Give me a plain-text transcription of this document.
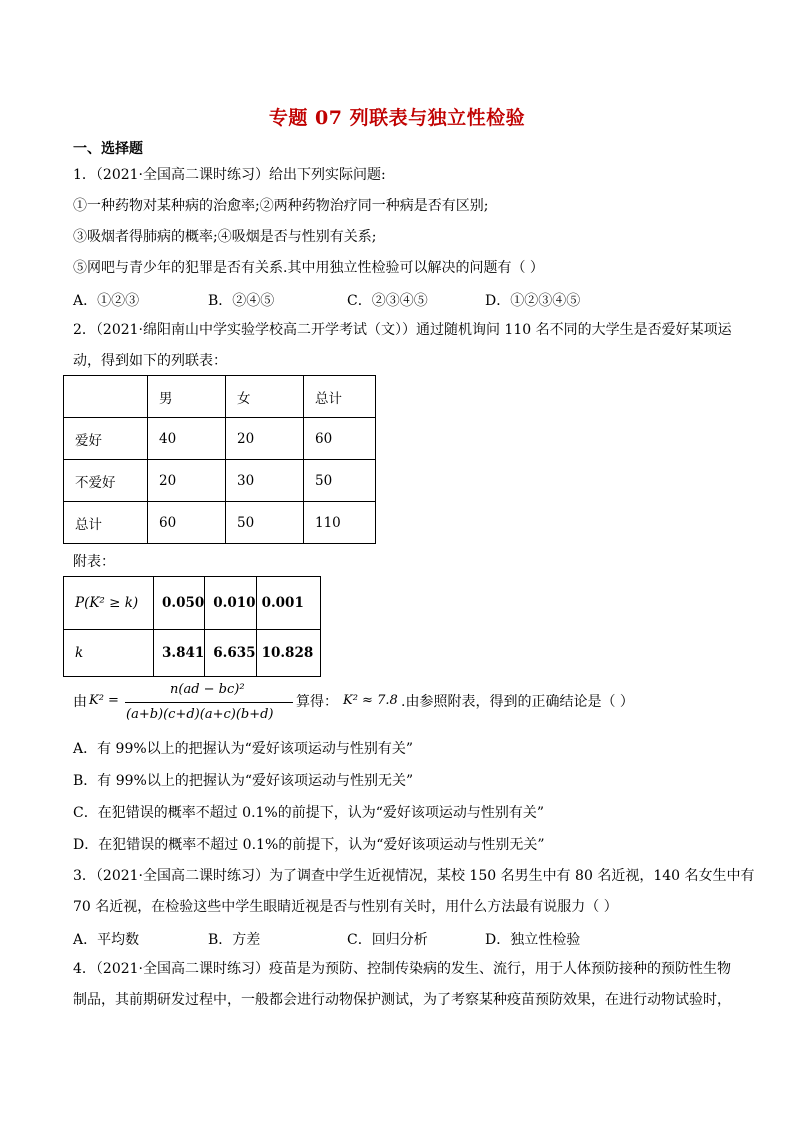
专题 07 列联表与独立性检验
一、选择题
1．（2021·全国高二课时练习）给出下列实际问题:
①一种药物对某种病的治愈率;②两种药物治疗同一种病是否有区别;
③吸烟者得肺病的概率;④吸烟是否与性别有关系;
⑤网吧与青少年的犯罪是否有关系.其中用独立性检验可以解决的问题有（ ）
A．①②③	B．②④⑤	C．②③④⑤	D．①②③④⑤
2．（2021·绵阳南山中学实验学校高二开学考试（文））通过随机询问 110 名不同的大学生是否爱好某项运
动，得到如下的列联表：
	男	女	总计
爱好	40	20	60
不爱好	20	30	50
总计	60	50	110
附表：
P(K² ≥ k)	0.050	0.010	0.001
k	3.841	6.635	10.828
由 K² =
n(ad − bc)²
(a+b)(c+d)(a+c)(b+d)
算得： K² ≈ 7.8 .由参照附表，得到的正确结论是（ ）
A．有 99%以上的把握认为“爱好该项运动与性别有关”
B．有 99%以上的把握认为“爱好该项运动与性别无关”
C．在犯错误的概率不超过 0.1%的前提下，认为“爱好该项运动与性别有关”
D．在犯错误的概率不超过 0.1%的前提下，认为“爱好该项运动与性别无关”
3．（2021·全国高二课时练习）为了调查中学生近视情况，某校 150 名男生中有 80 名近视，140 名女生中有
70 名近视，在检验这些中学生眼睛近视是否与性别有关时，用什么方法最有说服力（ ）
A．平均数	B．方差	C．回归分析	D．独立性检验
4．（2021·全国高二课时练习）疫苗是为预防、控制传染病的发生、流行，用于人体预防接种的预防性生物
制品，其前期研发过程中，一般都会进行动物保护测试，为了考察某种疫苗预防效果，在进行动物试验时，
